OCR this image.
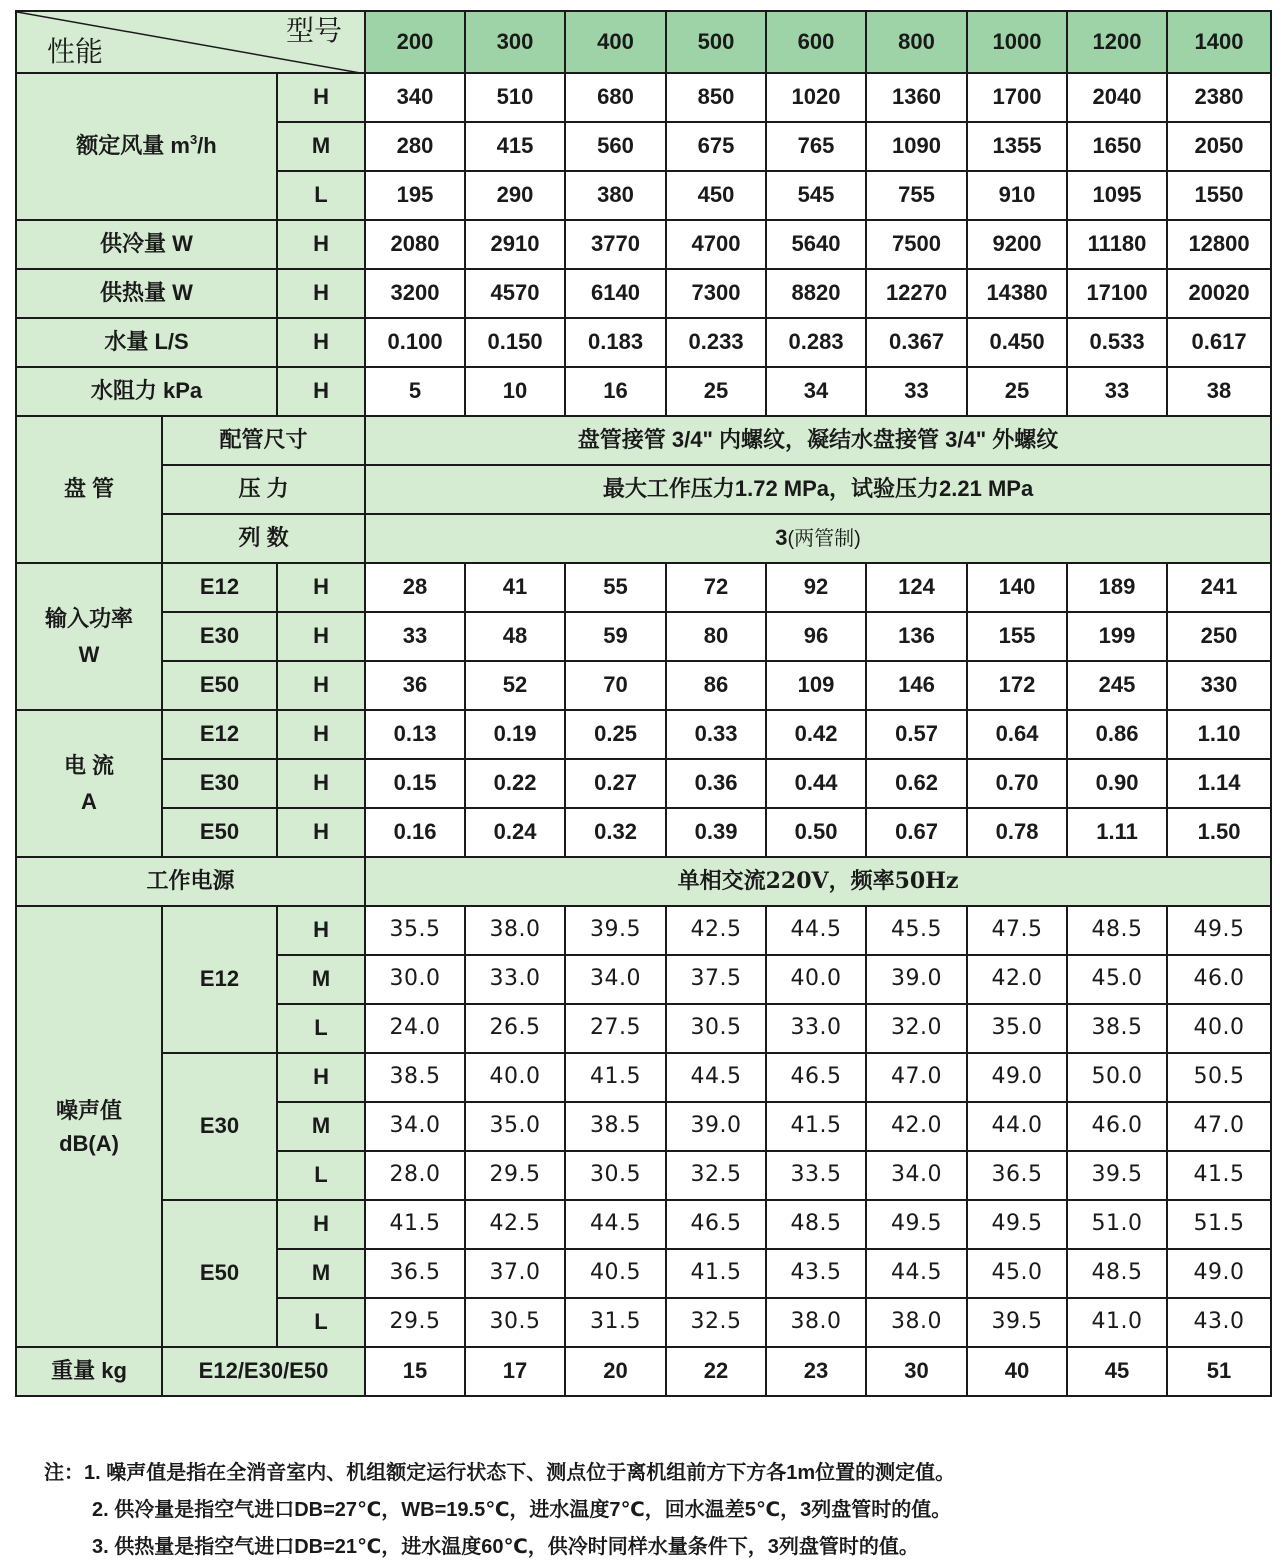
型号
性能			200	300	400	500	600	800	1000	1200	1400
额定风量 $m^3/h$		H	340	510	680	850	1020	1360	1700	2040	2380
		M	280	415	560	675	765	1090	1355	1650	2050
		L	195	290	380	450	545	755	910	1095	1550
供冷量 W		H	2080	2910	3770	4700	5640	7500	9200	11180	12800
供热量 W		H	3200	4570	6140	7300	8820	12270	14380	17100	20020
水量 L/S		H	0.100	0.150	0.183	0.233	0.283	0.367	0.450	0.533	0.617
水阻力 kPa		H	5	10	16	25	34	33	25	33	38
盘 管	配管尺寸		盘管接管 3/4" 内螺纹，凝结水盘接管 3/4" 外螺纹								
	压 力		最大工作压力1.72 MPa，试验压力2.21 MPa								
	列 数		3(两管制)								
输入功率
W	E12	H	28	41	55	72	92	124	140	189	241
	E30	H	33	48	59	80	96	136	155	199	250
	E50	H	36	52	70	86	109	146	172	245	330
电 流
A	E12	H	0.13	0.19	0.25	0.33	0.42	0.57	0.64	0.86	1.10
	E30	H	0.15	0.22	0.27	0.36	0.44	0.62	0.70	0.90	1.14
	E50	H	0.16	0.24	0.32	0.39	0.50	0.67	0.78	1.11	1.50
工作电源			单相交流220V，频率50Hz								
噪声值
dB(A)	E12	H	35.5	38.0	39.5	42.5	44.5	45.5	47.5	48.5	49.5
		M	30.0	33.0	34.0	37.5	40.0	39.0	42.0	45.0	46.0
		L	24.0	26.5	27.5	30.5	33.0	32.0	35.0	38.5	40.0
	E30	H	38.5	40.0	41.5	44.5	46.5	47.0	49.0	50.0	50.5
		M	34.0	35.0	38.5	39.0	41.5	42.0	44.0	46.0	47.0
		L	28.0	29.5	30.5	32.5	33.5	34.0	36.5	39.5	41.5
	E50	H	41.5	42.5	44.5	46.5	48.5	49.5	49.5	51.0	51.5
		M	36.5	37.0	40.5	41.5	43.5	44.5	45.0	48.5	49.0
		L	29.5	30.5	31.5	32.5	38.0	38.0	39.5	41.0	43.0
重量 kg	E12/E30/E50		15	17	20	22	23	30	40	45	51
注：1. 噪声值是指在全消音室内、机组额定运行状态下、测点位于离机组前方下方各1m位置的测定值。
2. 供冷量是指空气进口DB=27℃，WB=19.5℃，进水温度7℃，回水温差5℃，3列盘管时的值。
3. 供热量是指空气进口DB=21℃，进水温度60℃，供冷时同样水量条件下，3列盘管时的值。
